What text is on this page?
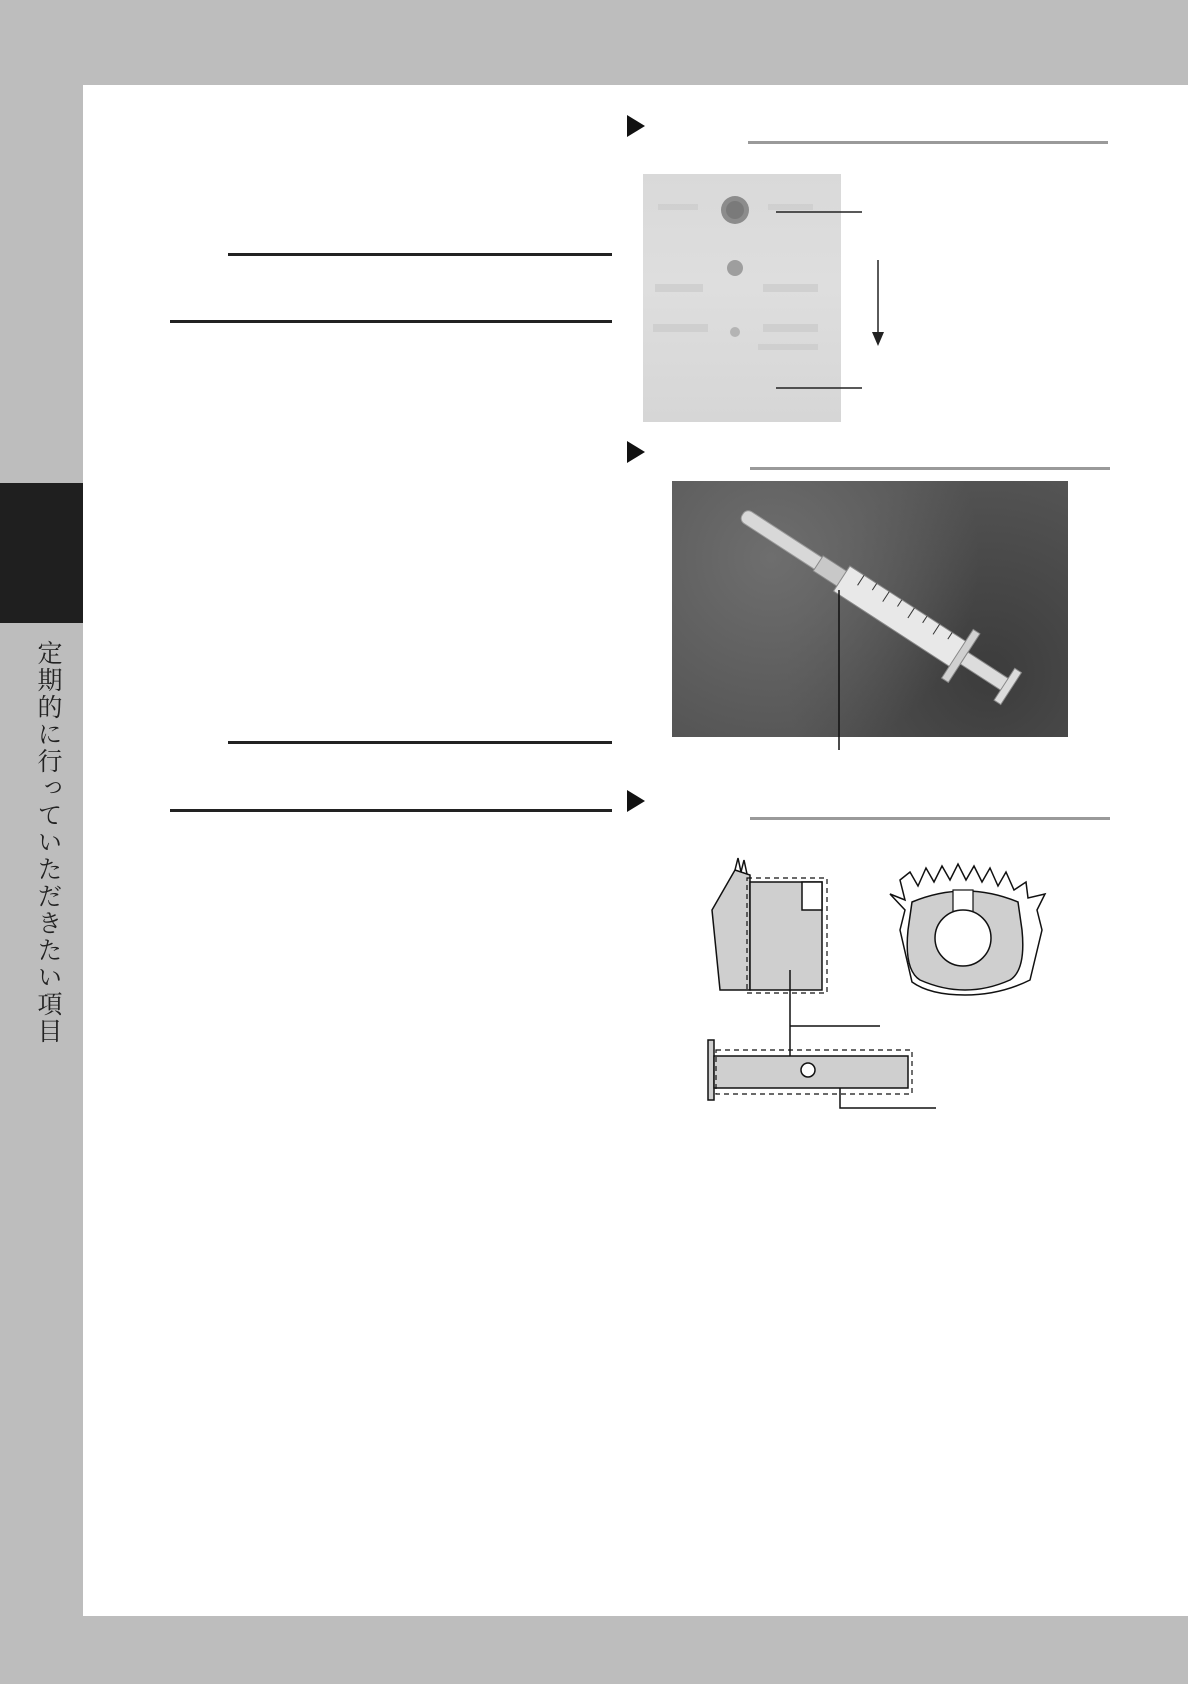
定期的に行っていただきたい項目
